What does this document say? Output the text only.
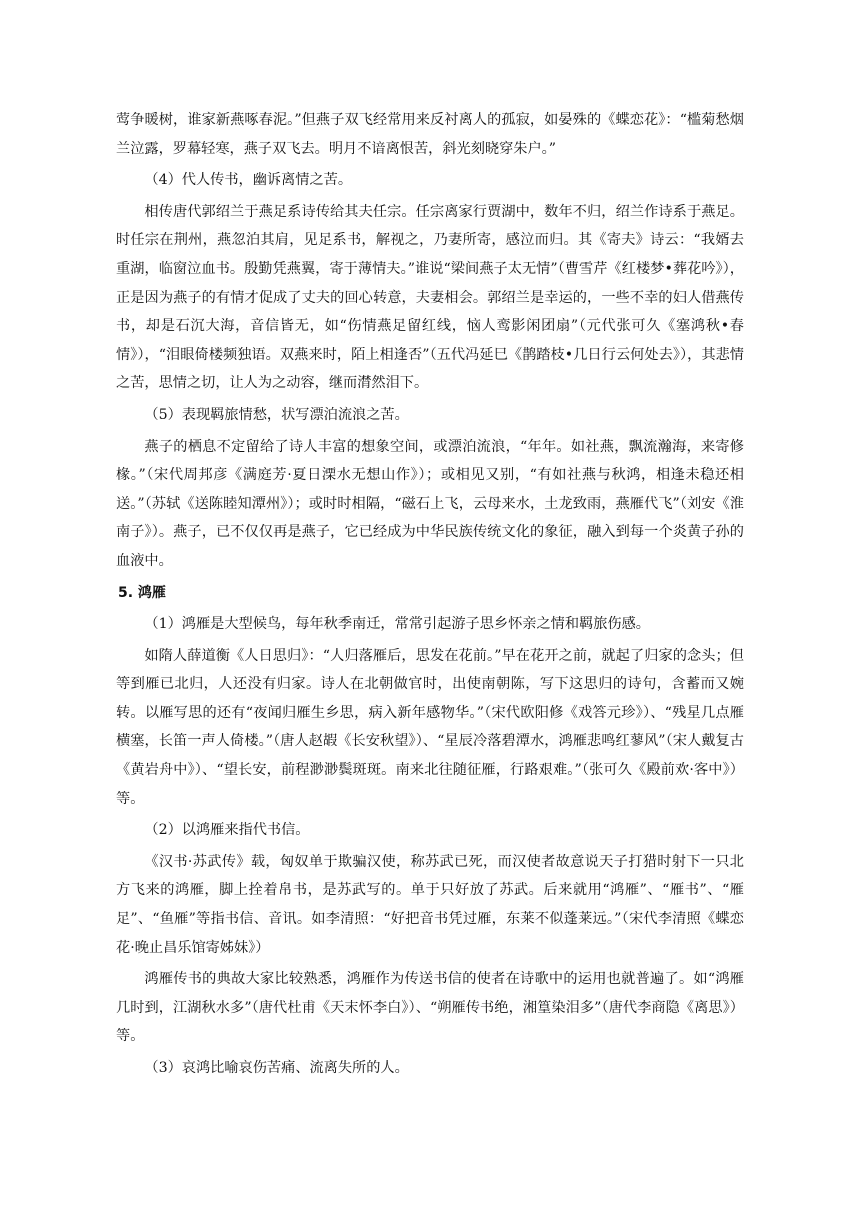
莺争暖树，谁家新燕啄春泥。”但燕子双飞经常用来反衬离人的孤寂，如晏殊的《蝶恋花》：“槛菊愁烟兰泣露，罗幕轻寒，燕子双飞去。明月不谙离恨苦，斜光刻晓穿朱户。”

（4）代人传书，幽诉离情之苦。

相传唐代郭绍兰于燕足系诗传给其夫任宗。任宗离家行贾湖中，数年不归，绍兰作诗系于燕足。时任宗在荆州，燕忽泊其肩，见足系书，解视之，乃妻所寄，感泣而归。其《寄夫》诗云：“我婿去重湖，临窗泣血书。殷勤凭燕翼，寄于薄情夫。”谁说“梁间燕子太无情”（曹雪芹《红楼梦•葬花吟》），正是因为燕子的有情才促成了丈夫的回心转意，夫妻相会。郭绍兰是幸运的，一些不幸的妇人借燕传书，却是石沉大海，音信皆无，如“伤情燕足留红线，恼人鸾影闲团扇”（元代张可久《塞鸿秋•春情》），“泪眼倚楼频独语。双燕来时，陌上相逢否”（五代冯延巳《鹊踏枝•几日行云何处去》），其悲情之苦，思情之切，让人为之动容，继而潸然泪下。

（5）表现羁旅情愁，状写漂泊流浪之苦。

燕子的栖息不定留给了诗人丰富的想象空间，或漂泊流浪，“年年。如社燕，飘流瀚海，来寄修椽。”（宋代周邦彦《满庭芳·夏日溧水无想山作》）；或相见又别，“有如社燕与秋鸿，相逢未稳还相送。”（苏轼《送陈睦知潭州》）；或时时相隔，“磁石上飞，云母来水，土龙致雨，燕雁代飞”（刘安《淮南子》）。燕子，已不仅仅再是燕子，它已经成为中华民族传统文化的象征，融入到每一个炎黄子孙的血液中。

5. 鸿雁

（1）鸿雁是大型候鸟，每年秋季南迁，常常引起游子思乡怀亲之情和羁旅伤感。

如隋人薛道衡《人日思归》：“人归落雁后，思发在花前。”早在花开之前，就起了归家的念头；但等到雁已北归，人还没有归家。诗人在北朝做官时，出使南朝陈，写下这思归的诗句，含蓄而又婉转。以雁写思的还有“夜闻归雁生乡思，病入新年感物华。”（宋代欧阳修《戏答元珍》）、“残星几点雁横塞，长笛一声人倚楼。”（唐人赵嘏《长安秋望》）、“星辰冷落碧潭水，鸿雁悲鸣红蓼风”（宋人戴复古《黄岩舟中》）、“望长安，前程渺渺鬓斑斑。南来北往随征雁，行路艰难。”（张可久《殿前欢·客中》）等。

（2）以鸿雁来指代书信。

《汉书·苏武传》载，匈奴单于欺骗汉使，称苏武已死，而汉使者故意说天子打猎时射下一只北方飞来的鸿雁，脚上拴着帛书，是苏武写的。单于只好放了苏武。后来就用“鸿雁”、“雁书”、“雁足”、“鱼雁”等指书信、音讯。如李清照：“好把音书凭过雁，东莱不似蓬莱远。”（宋代李清照《蝶恋花·晚止昌乐馆寄姊妹》）

鸿雁传书的典故大家比较熟悉，鸿雁作为传送书信的使者在诗歌中的运用也就普遍了。如“鸿雁几时到，江湖秋水多”（唐代杜甫《天末怀李白》）、“朔雁传书绝，湘篁染泪多”（唐代李商隐《离思》）等。

（3）哀鸿比喻哀伤苦痛、流离失所的人。
